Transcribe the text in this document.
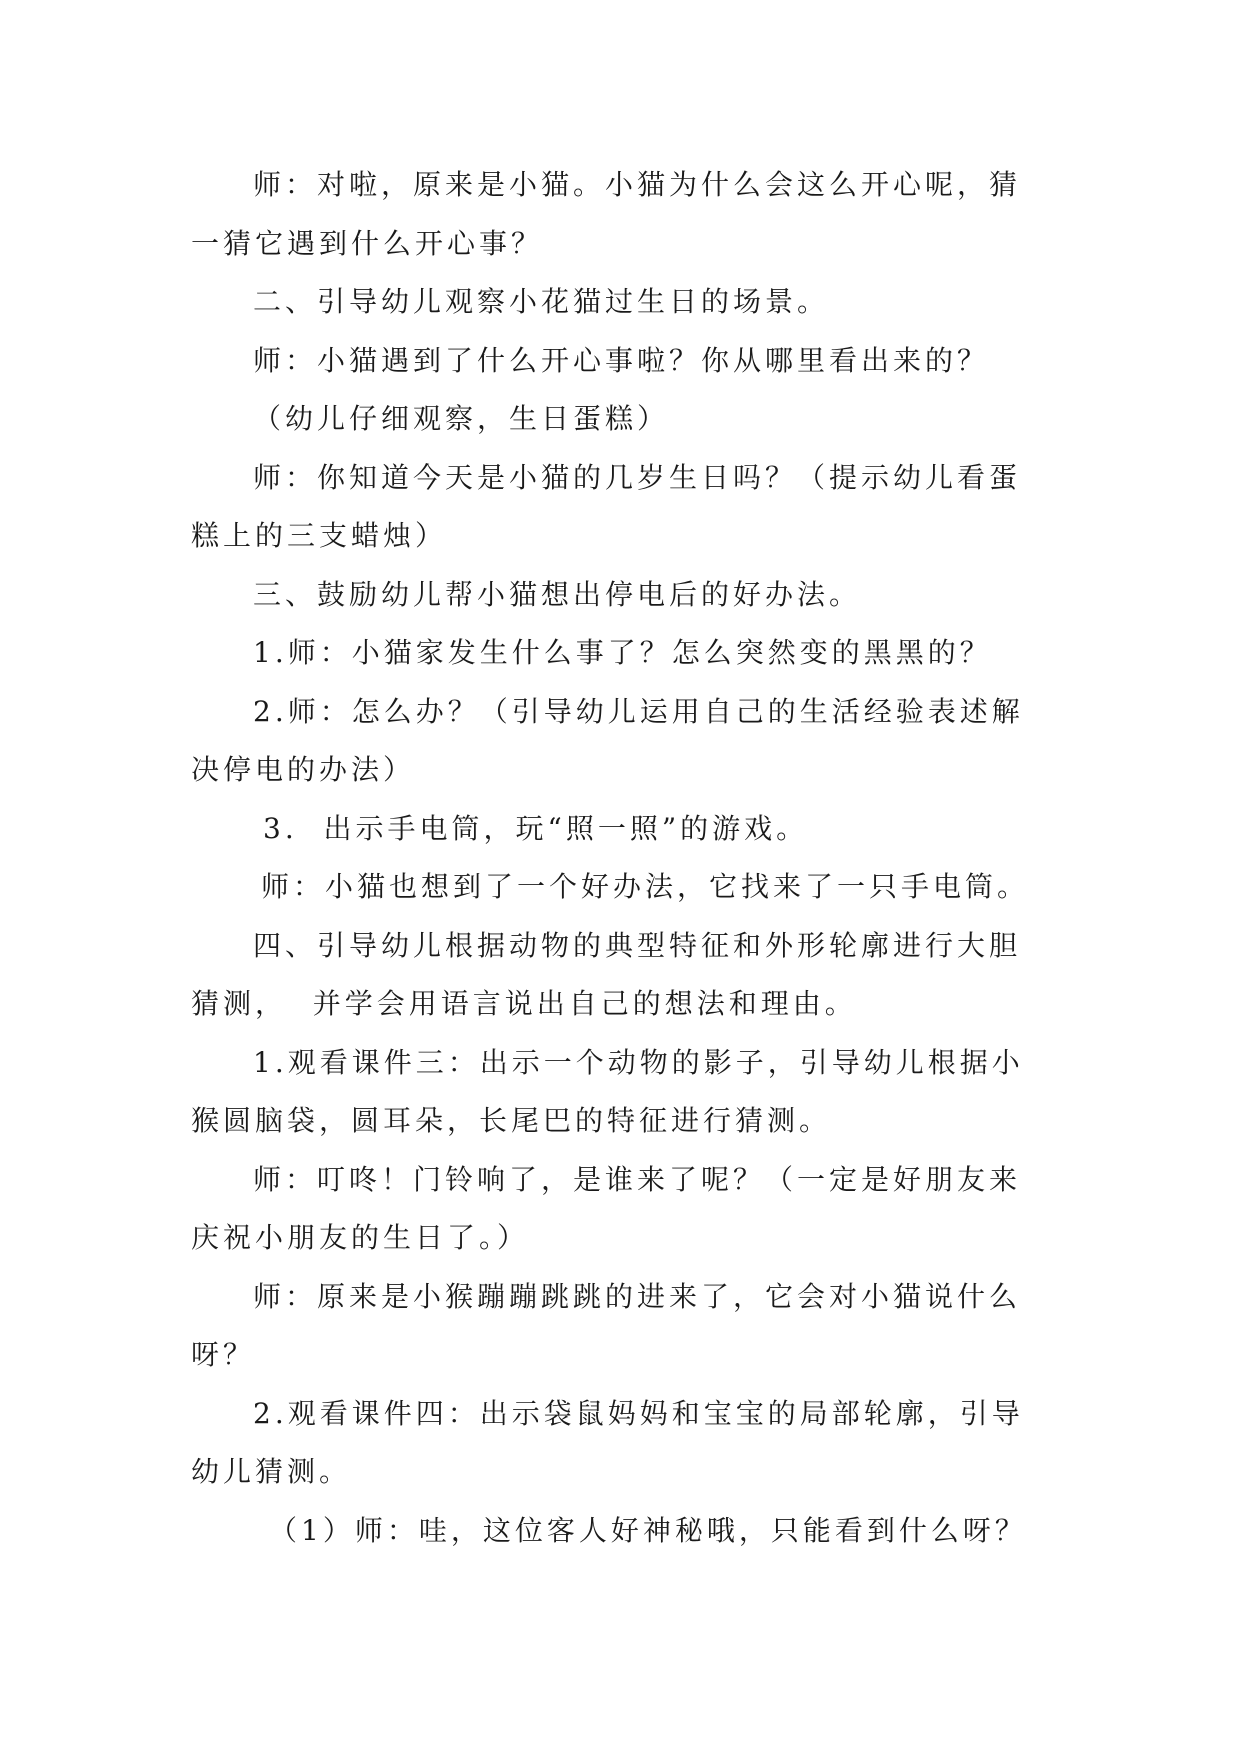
师：对啦，原来是小猫。小猫为什么会这么开心呢，猜
一猜它遇到什么开心事？
二、引导幼儿观察小花猫过生日的场景。
师：小猫遇到了什么开心事啦？你从哪里看出来的？
（幼儿仔细观察，生日蛋糕）
师：你知道今天是小猫的几岁生日吗？（提示幼儿看蛋
糕上的三支蜡烛）
三、鼓励幼儿帮小猫想出停电后的好办法。
1.师：小猫家发生什么事了？怎么突然变的黑黑的？
2.师：怎么办？（引导幼儿运用自己的生活经验表述解
决停电的办法）
3.  出示手电筒，玩“照一照”的游戏。
师：小猫也想到了一个好办法，它找来了一只手电筒。
四、引导幼儿根据动物的典型特征和外形轮廓进行大胆
猜测，  并学会用语言说出自己的想法和理由。
1.观看课件三：出示一个动物的影子，引导幼儿根据小
猴圆脑袋，圆耳朵，长尾巴的特征进行猜测。
师：叮咚！门铃响了，是谁来了呢？（一定是好朋友来
庆祝小朋友的生日了。）
师：原来是小猴蹦蹦跳跳的进来了，它会对小猫说什么
呀？
2.观看课件四：出示袋鼠妈妈和宝宝的局部轮廓，引导
幼儿猜测。
（1）师：哇，这位客人好神秘哦，只能看到什么呀？
